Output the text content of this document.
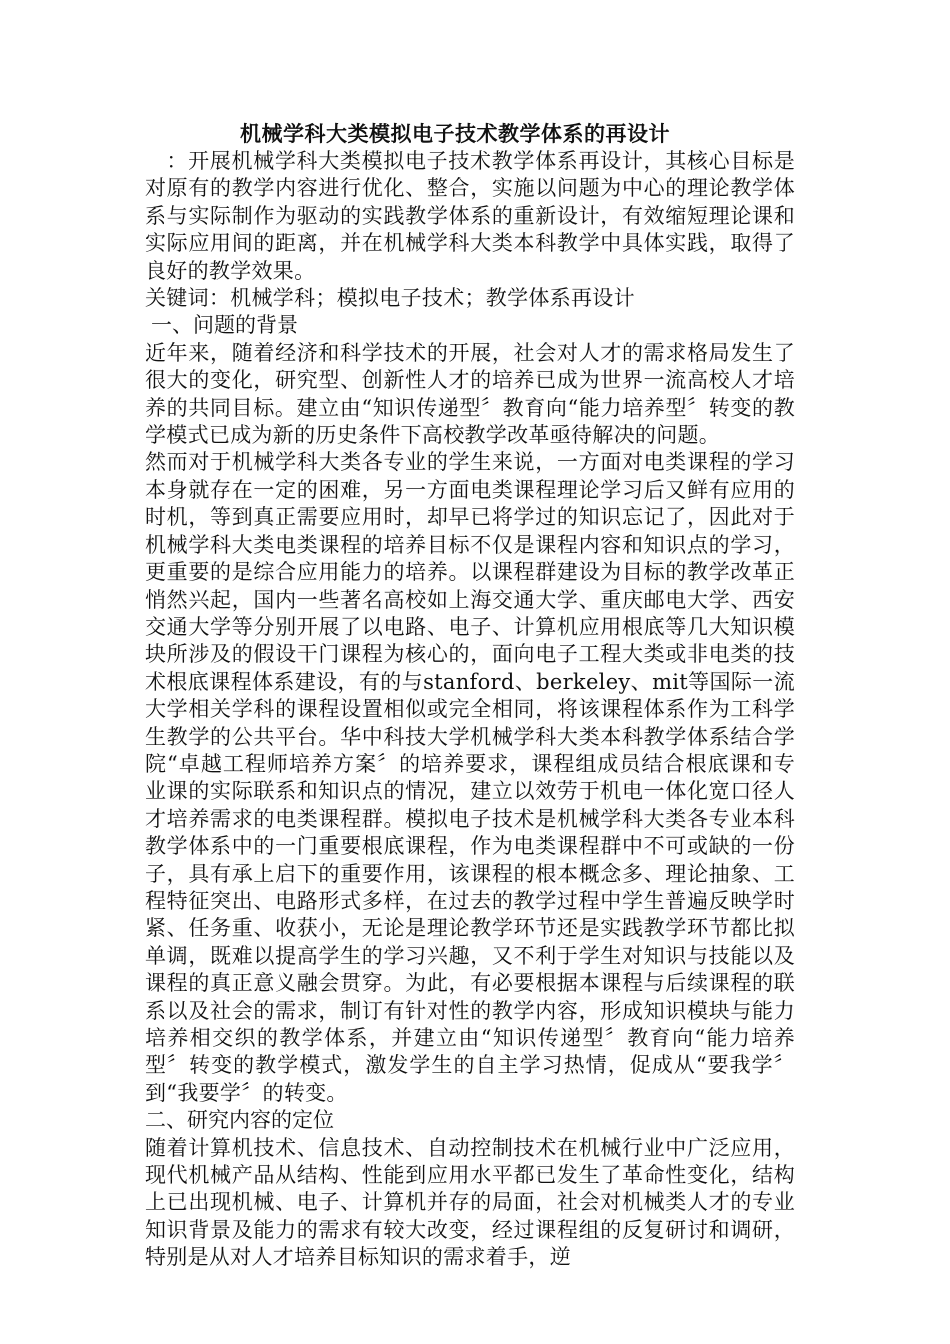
机械学科大类模拟电子技术教学体系的再设计

：开展机械学科大类模拟电子技术教学体系再设计，其核心目标是对原有的教学内容进行优化、整合，实施以问题为中心的理论教学体系与实际制作为驱动的实践教学体系的重新设计，有效缩短理论课和实际应用间的距离，并在机械学科大类本科教学中具体实践，取得了良好的教学效果。

关键词：机械学科；模拟电子技术；教学体系再设计

一、问题的背景

近年来，随着经济和科学技术的开展，社会对人才的需求格局发生了很大的变化，研究型、创新性人才的培养已成为世界一流高校人才培养的共同目标。建立由“知识传递型〞教育向“能力培养型〞转变的教学模式已成为新的历史条件下高校教学改革亟待解决的问题。

然而对于机械学科大类各专业的学生来说，一方面对电类课程的学习本身就存在一定的困难，另一方面电类课程理论学习后又鲜有应用的时机，等到真正需要应用时，却早已将学过的知识忘记了，因此对于机械学科大类电类课程的培养目标不仅是课程内容和知识点的学习，更重要的是综合应用能力的培养。以课程群建设为目标的教学改革正悄然兴起，国内一些著名高校如上海交通大学、重庆邮电大学、西安交通大学等分别开展了以电路、电子、计算机应用根底等几大知识模块所涉及的假设干门课程为核心的，面向电子工程大类或非电类的技术根底课程体系建设，有的与stanford、berkeley、mit等国际一流大学相关学科的课程设置相似或完全相同，将该课程体系作为工科学生教学的公共平台。华中科技大学机械学科大类本科教学体系结合学院“卓越工程师培养方案〞的培养要求，课程组成员结合根底课和专业课的实际联系和知识点的情况，建立以效劳于机电一体化宽口径人才培养需求的电类课程群。模拟电子技术是机械学科大类各专业本科教学体系中的一门重要根底课程，作为电类课程群中不可或缺的一份子，具有承上启下的重要作用，该课程的根本概念多、理论抽象、工程特征突出、电路形式多样，在过去的教学过程中学生普遍反映学时紧、任务重、收获小，无论是理论教学环节还是实践教学环节都比拟单调，既难以提高学生的学习兴趣，又不利于学生对知识与技能以及课程的真正意义融会贯穿。为此，有必要根据本课程与后续课程的联系以及社会的需求，制订有针对性的教学内容，形成知识模块与能力培养相交织的教学体系，并建立由“知识传递型〞教育向“能力培养型〞转变的教学模式，激发学生的自主学习热情，促成从“要我学〞到“我要学〞的转变。

二、研究内容的定位

随着计算机技术、信息技术、自动控制技术在机械行业中广泛应用，现代机械产品从结构、性能到应用水平都已发生了革命性变化，结构上已出现机械、电子、计算机并存的局面，社会对机械类人才的专业知识背景及能力的需求有较大改变，经过课程组的反复研讨和调研，特别是从对人才培养目标知识的需求着手，逆
